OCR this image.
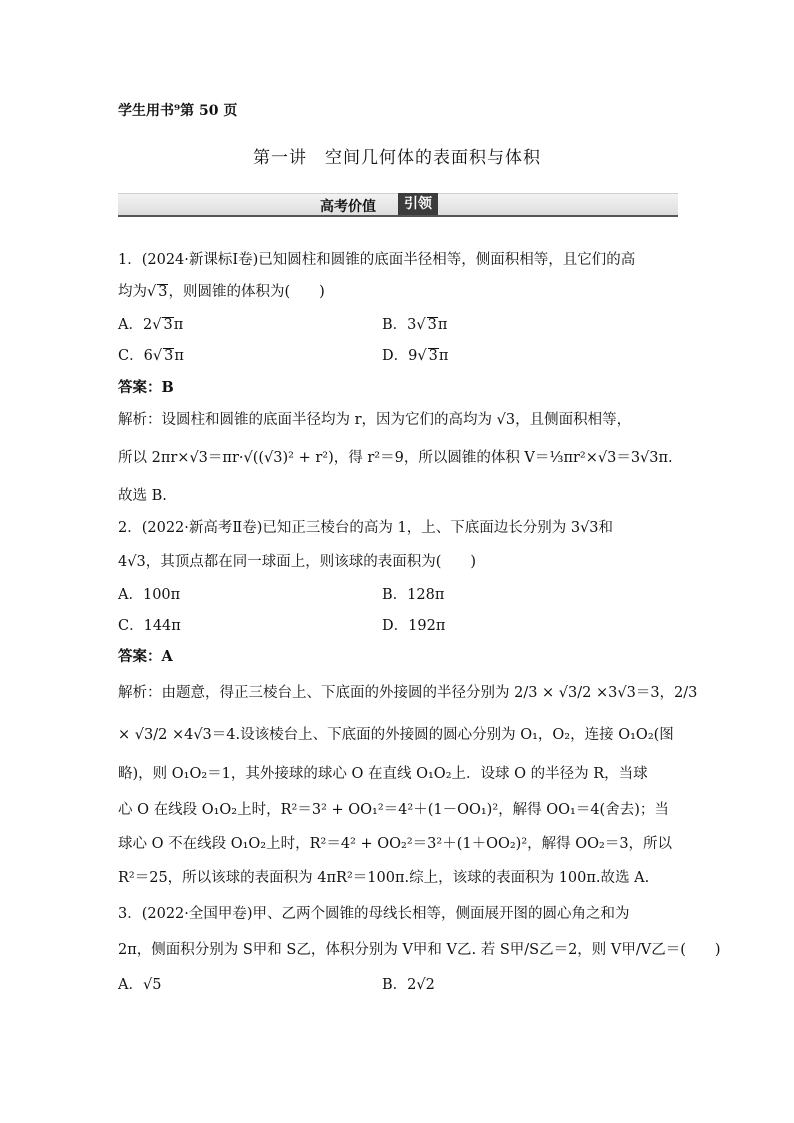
学生用书⁹第 50 页
第一讲　空间几何体的表面积与体积
高考价值	引领
1．(2024·新课标Ⅰ卷)已知圆柱和圆锥的底面半径相等，侧面积相等，且它们的高
均为√ 3，则圆锥的体积为(　　)
A．2√ 3π	B．3√ 3π
C．6√ 3π	D．9√ 3π
答案：B
解析：设圆柱和圆锥的底面半径均为 r，因为它们的高均为 √3，且侧面积相等，
所以 2πr×√3＝πr·√((√3)² + r²)，得 r²＝9，所以圆锥的体积 V＝⅓πr²×√3＝3√3π.
故选 B.
2．(2022·新高考Ⅱ卷)已知正三棱台的高为 1，上、下底面边长分别为 3√3和
4√3，其顶点都在同一球面上，则该球的表面积为(　　)
A．100π	B．128π
C．144π	D．192π
答案：A
解析：由题意，得正三棱台上、下底面的外接圆的半径分别为 2/3 × √3/2 ×3√3＝3，2/3
× √3/2 ×4√3＝4.设该棱台上、下底面的外接圆的圆心分别为 O₁，O₂，连接 O₁O₂(图
略)，则 O₁O₂＝1，其外接球的球心 O 在直线 O₁O₂上．设球 O 的半径为 R，当球
心 O 在线段 O₁O₂上时，R²＝3² + OO₁²＝4²＋(1－OO₁)²，解得 OO₁＝4(舍去)；当
球心 O 不在线段 O₁O₂上时，R²＝4² + OO₂²＝3²＋(1＋OO₂)²，解得 OO₂＝3，所以
R²＝25，所以该球的表面积为 4πR²＝100π.综上，该球的表面积为 100π.故选 A.
3．(2022·全国甲卷)甲、乙两个圆锥的母线长相等，侧面展开图的圆心角之和为
2π，侧面积分别为 S甲和 S乙，体积分别为 V甲和 V乙. 若 S甲/S乙＝2，则 V甲/V乙＝(　　)
A．√5	B．2√2
